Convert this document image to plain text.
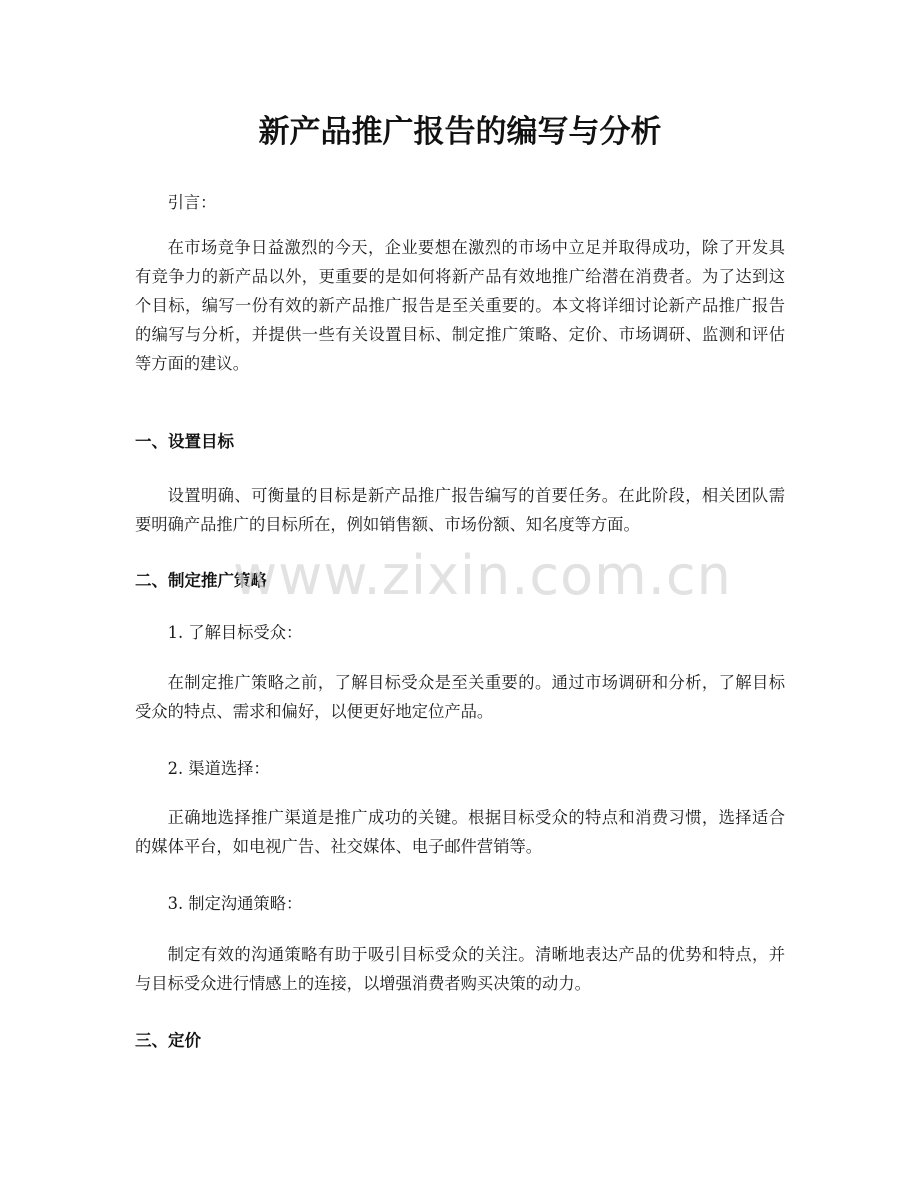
新产品推广报告的编写与分析

引言：

在市场竞争日益激烈的今天，企业要想在激烈的市场中立足并取得成功，除了开发具有竞争力的新产品以外，更重要的是如何将新产品有效地推广给潜在消费者。为了达到这个目标，编写一份有效的新产品推广报告是至关重要的。本文将详细讨论新产品推广报告的编写与分析，并提供一些有关设置目标、制定推广策略、定价、市场调研、监测和评估等方面的建议。

一、设置目标

设置明确、可衡量的目标是新产品推广报告编写的首要任务。在此阶段，相关团队需要明确产品推广的目标所在，例如销售额、市场份额、知名度等方面。

二、制定推广策略

1. 了解目标受众：

在制定推广策略之前，了解目标受众是至关重要的。通过市场调研和分析，了解目标受众的特点、需求和偏好，以便更好地定位产品。

2. 渠道选择：

正确地选择推广渠道是推广成功的关键。根据目标受众的特点和消费习惯，选择适合的媒体平台，如电视广告、社交媒体、电子邮件营销等。

3. 制定沟通策略：

制定有效的沟通策略有助于吸引目标受众的关注。清晰地表达产品的优势和特点，并与目标受众进行情感上的连接，以增强消费者购买决策的动力。

三、定价
www.zixin.com.cn
